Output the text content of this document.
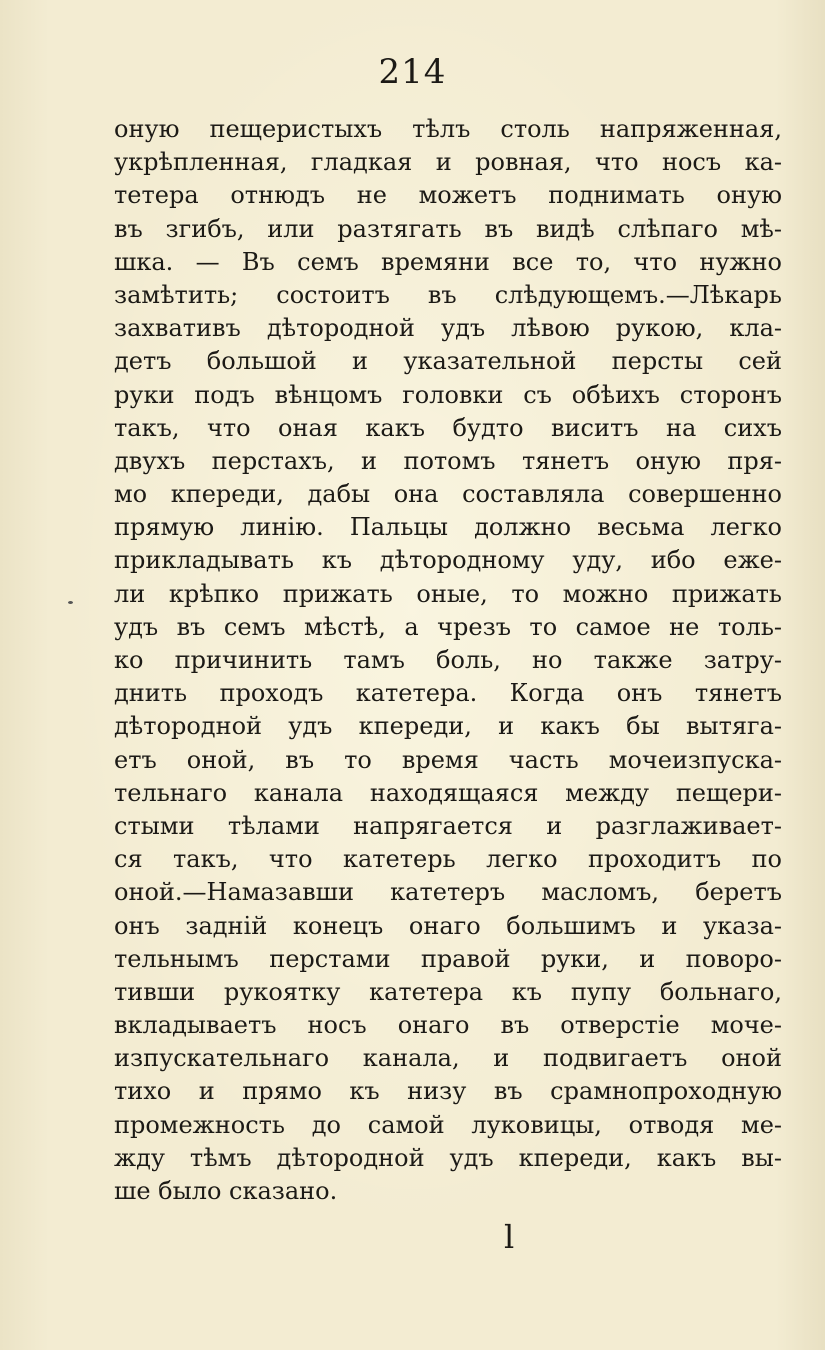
214
оную пещеристыхъ тѣлъ столь напряженная,
укрѣпленная, гладкая и ровная, что носъ ка-
тетера отнюдъ не можетъ поднимать оную
въ згибъ, или разтягать въ видѣ слѣпаго мѣ-
шка. — Въ семъ времяни все то, что нужно
замѣтить; состоитъ въ слѣдующемъ.—Лѣкарь
захвативъ дѣтородной удъ лѣвою рукою, кла-
детъ большой и указательной персты сей
руки подъ вѣнцомъ головки съ обѣихъ сторонъ
такъ, что оная какъ будто виситъ на сихъ
двухъ перстахъ, и потомъ тянетъ оную пря-
мо кпереди, дабы она составляла совершенно
прямую линію. Пальцы должно весьма легко
прикладывать къ дѣтородному уду, ибо еже-
ли крѣпко прижать оные, то можно прижать
удъ въ семъ мѣстѣ, а чрезъ то самое не толь-
ко причинить тамъ боль, но также затру-
днить проходъ катетера. Когда онъ тянетъ
дѣтородной удъ кпереди, и какъ бы вытяга-
етъ оной, въ то время часть мочеизпуска-
тельнаго канала находящаяся между пещери-
стыми тѣлами напрягается и разглаживает-
ся такъ, что катетерь легко проходитъ по
оной.—Намазавши катетеръ масломъ, беретъ
онъ задній конецъ онаго большимъ и указа-
тельнымъ перстами правой руки, и поворо-
тивши рукоятку катетера къ пупу больнаго,
вкладываетъ носъ онаго въ отверстіе моче-
изпускательнаго канала, и подвигаетъ оной
тихо и прямо къ низу въ срамнопроходную
промежность до самой луковицы, отводя ме-
жду тѣмъ дѣтородной удъ кпереди, какъ вы-
ше было сказано.
l
